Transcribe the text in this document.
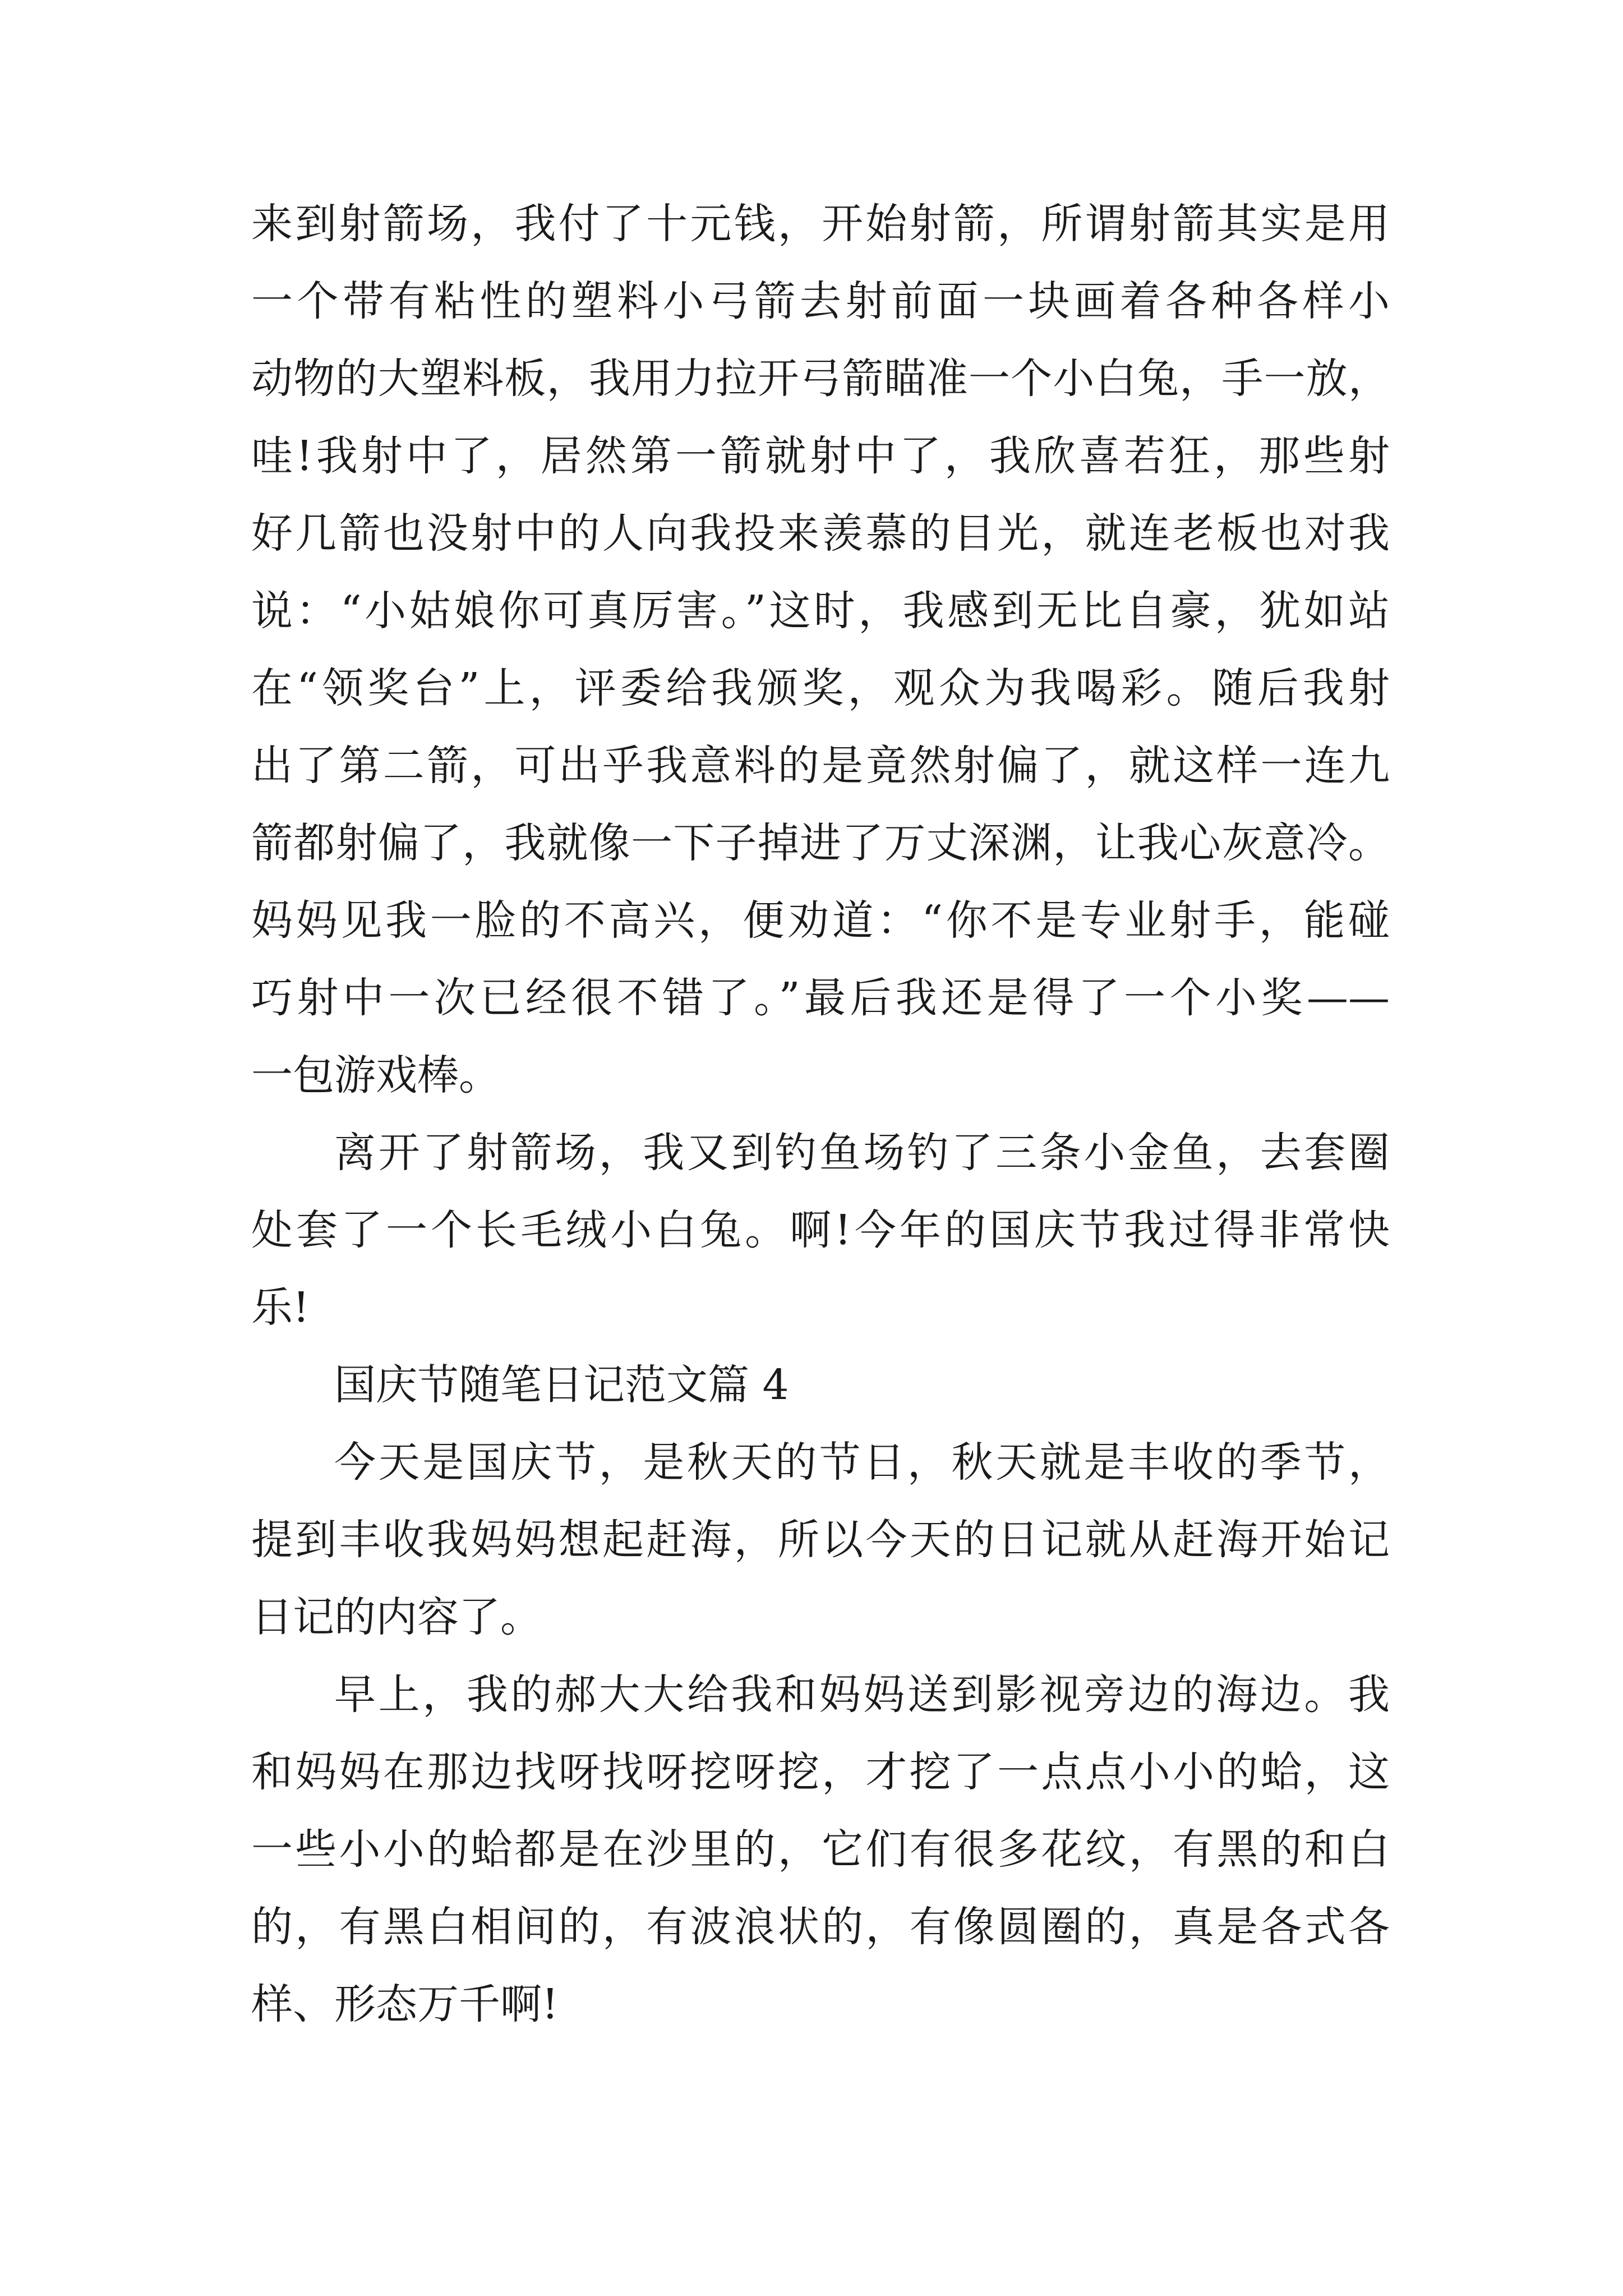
来到射箭场，我付了十元钱，开始射箭，所谓射箭其实是用
一个带有粘性的塑料小弓箭去射前面一块画着各种各样小
动物的大塑料板，我用力拉开弓箭瞄准一个小白兔，手一放，
哇!我射中了，居然第一箭就射中了，我欣喜若狂，那些射
好几箭也没射中的人向我投来羡慕的目光，就连老板也对我
说：“小姑娘你可真厉害。”这时，我感到无比自豪，犹如站
在“领奖台”上，评委给我颁奖，观众为我喝彩。随后我射
出了第二箭，可出乎我意料的是竟然射偏了，就这样一连九
箭都射偏了，我就像一下子掉进了万丈深渊，让我心灰意冷。
妈妈见我一脸的不高兴，便劝道：“你不是专业射手，能碰
巧射中一次已经很不错了。”最后我还是得了一个小奖——
一包游戏棒。
离开了射箭场，我又到钓鱼场钓了三条小金鱼，去套圈
处套了一个长毛绒小白兔。啊!今年的国庆节我过得非常快
乐!
国庆节随笔日记范文篇 4
今天是国庆节，是秋天的节日，秋天就是丰收的季节，
提到丰收我妈妈想起赶海，所以今天的日记就从赶海开始记
日记的内容了。
早上，我的郝大大给我和妈妈送到影视旁边的海边。我
和妈妈在那边找呀找呀挖呀挖，才挖了一点点小小的蛤，这
一些小小的蛤都是在沙里的，它们有很多花纹，有黑的和白
的，有黑白相间的，有波浪状的，有像圆圈的，真是各式各
样、形态万千啊!
